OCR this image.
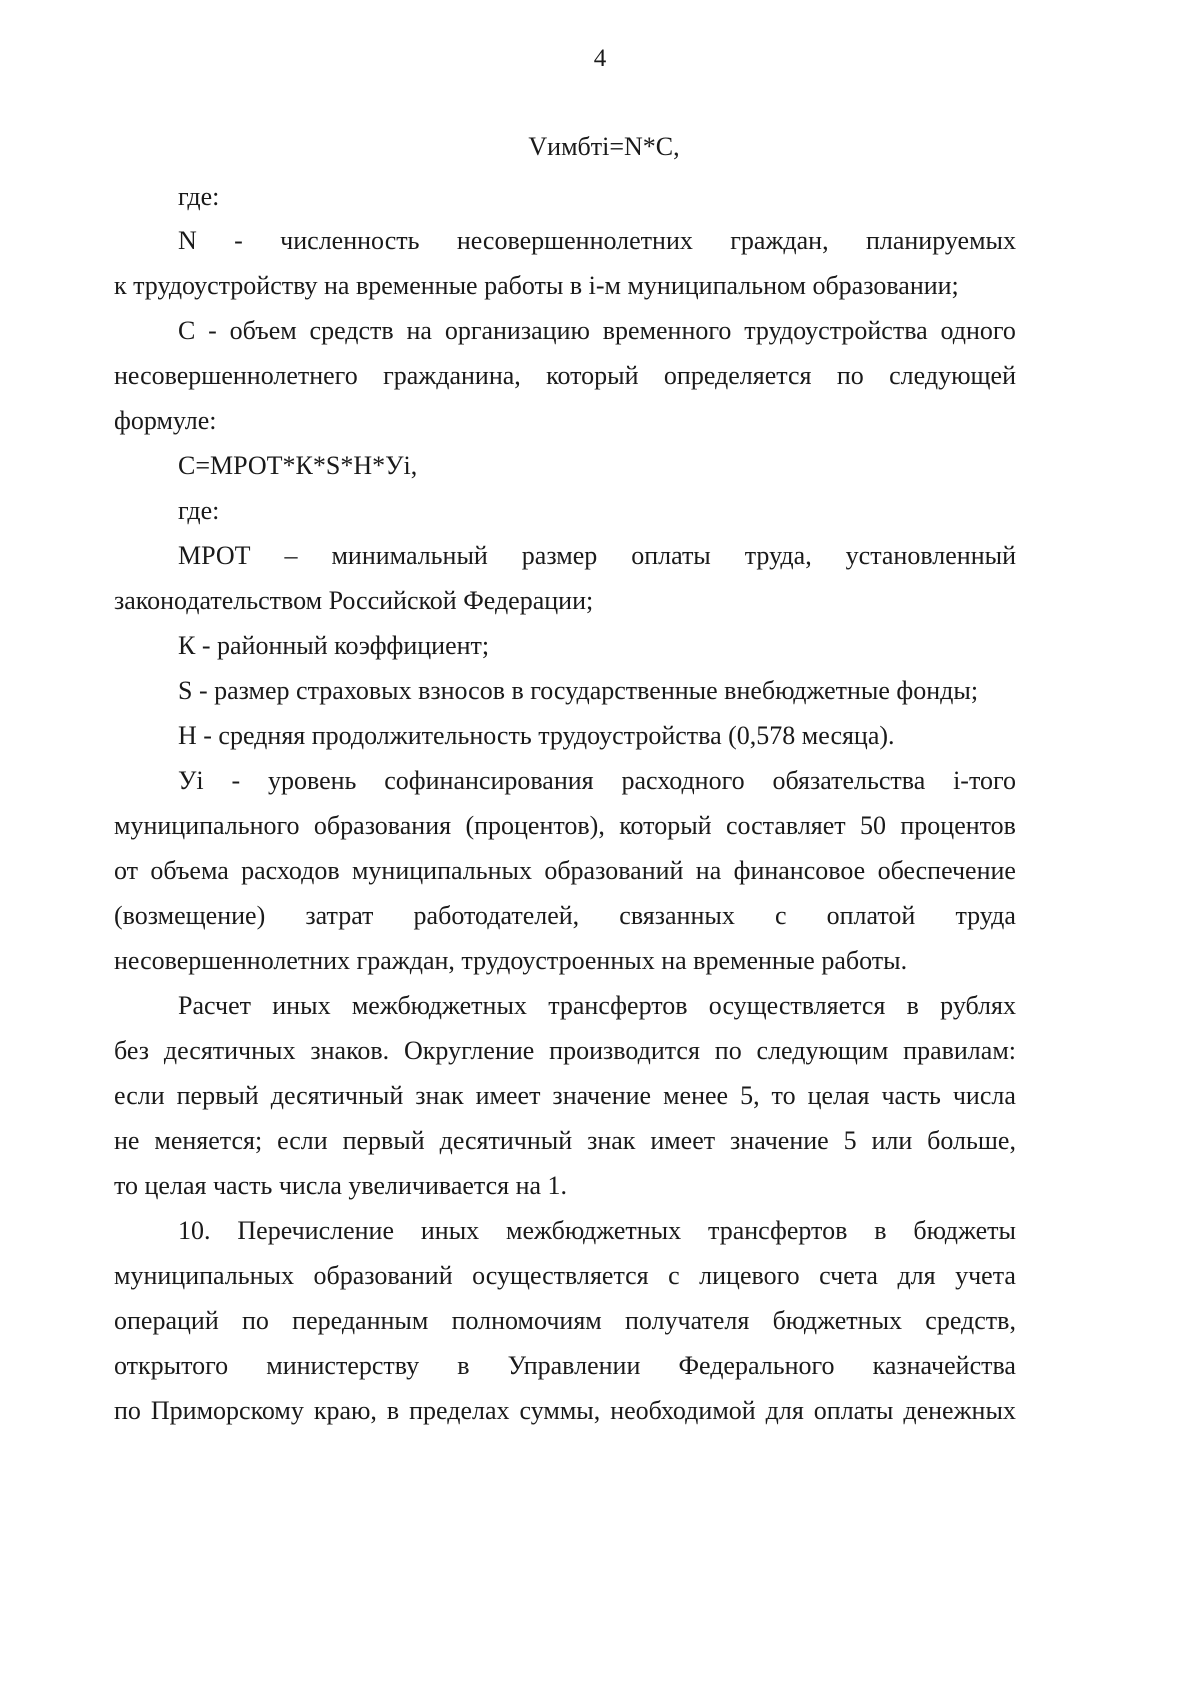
4
Vимбтi=N*C,
где:
N - численность несовершеннолетних граждан, планируемых
к трудоустройству на временные работы в i-м муниципальном образовании;
C - объем средств на организацию временного трудоустройства одного
несовершеннолетнего гражданина, который определяется по следующей
формуле:
C=МРОТ*К*S*Н*Уi,
где:
МРОТ – минимальный размер оплаты труда, установленный
законодательством Российской Федерации;
К - районный коэффициент;
S - размер страховых взносов в государственные внебюджетные фонды;
Н - средняя продолжительность трудоустройства (0,578 месяца).
Уi - уровень софинансирования расходного обязательства i-того
муниципального образования (процентов), который составляет 50 процентов
от объема расходов муниципальных образований на финансовое обеспечение
(возмещение) затрат работодателей, связанных с оплатой труда
несовершеннолетних граждан, трудоустроенных на временные работы.
Расчет иных межбюджетных трансфертов осуществляется в рублях
без десятичных знаков. Округление производится по следующим правилам:
если первый десятичный знак имеет значение менее 5, то целая часть числа
не меняется; если первый десятичный знак имеет значение 5 или больше,
то целая часть числа увеличивается на 1.
10. Перечисление иных межбюджетных трансфертов в бюджеты
муниципальных образований осуществляется с лицевого счета для учета
операций по переданным полномочиям получателя бюджетных средств,
открытого министерству в Управлении Федерального казначейства
по Приморскому краю, в пределах суммы, необходимой для оплаты денежных
